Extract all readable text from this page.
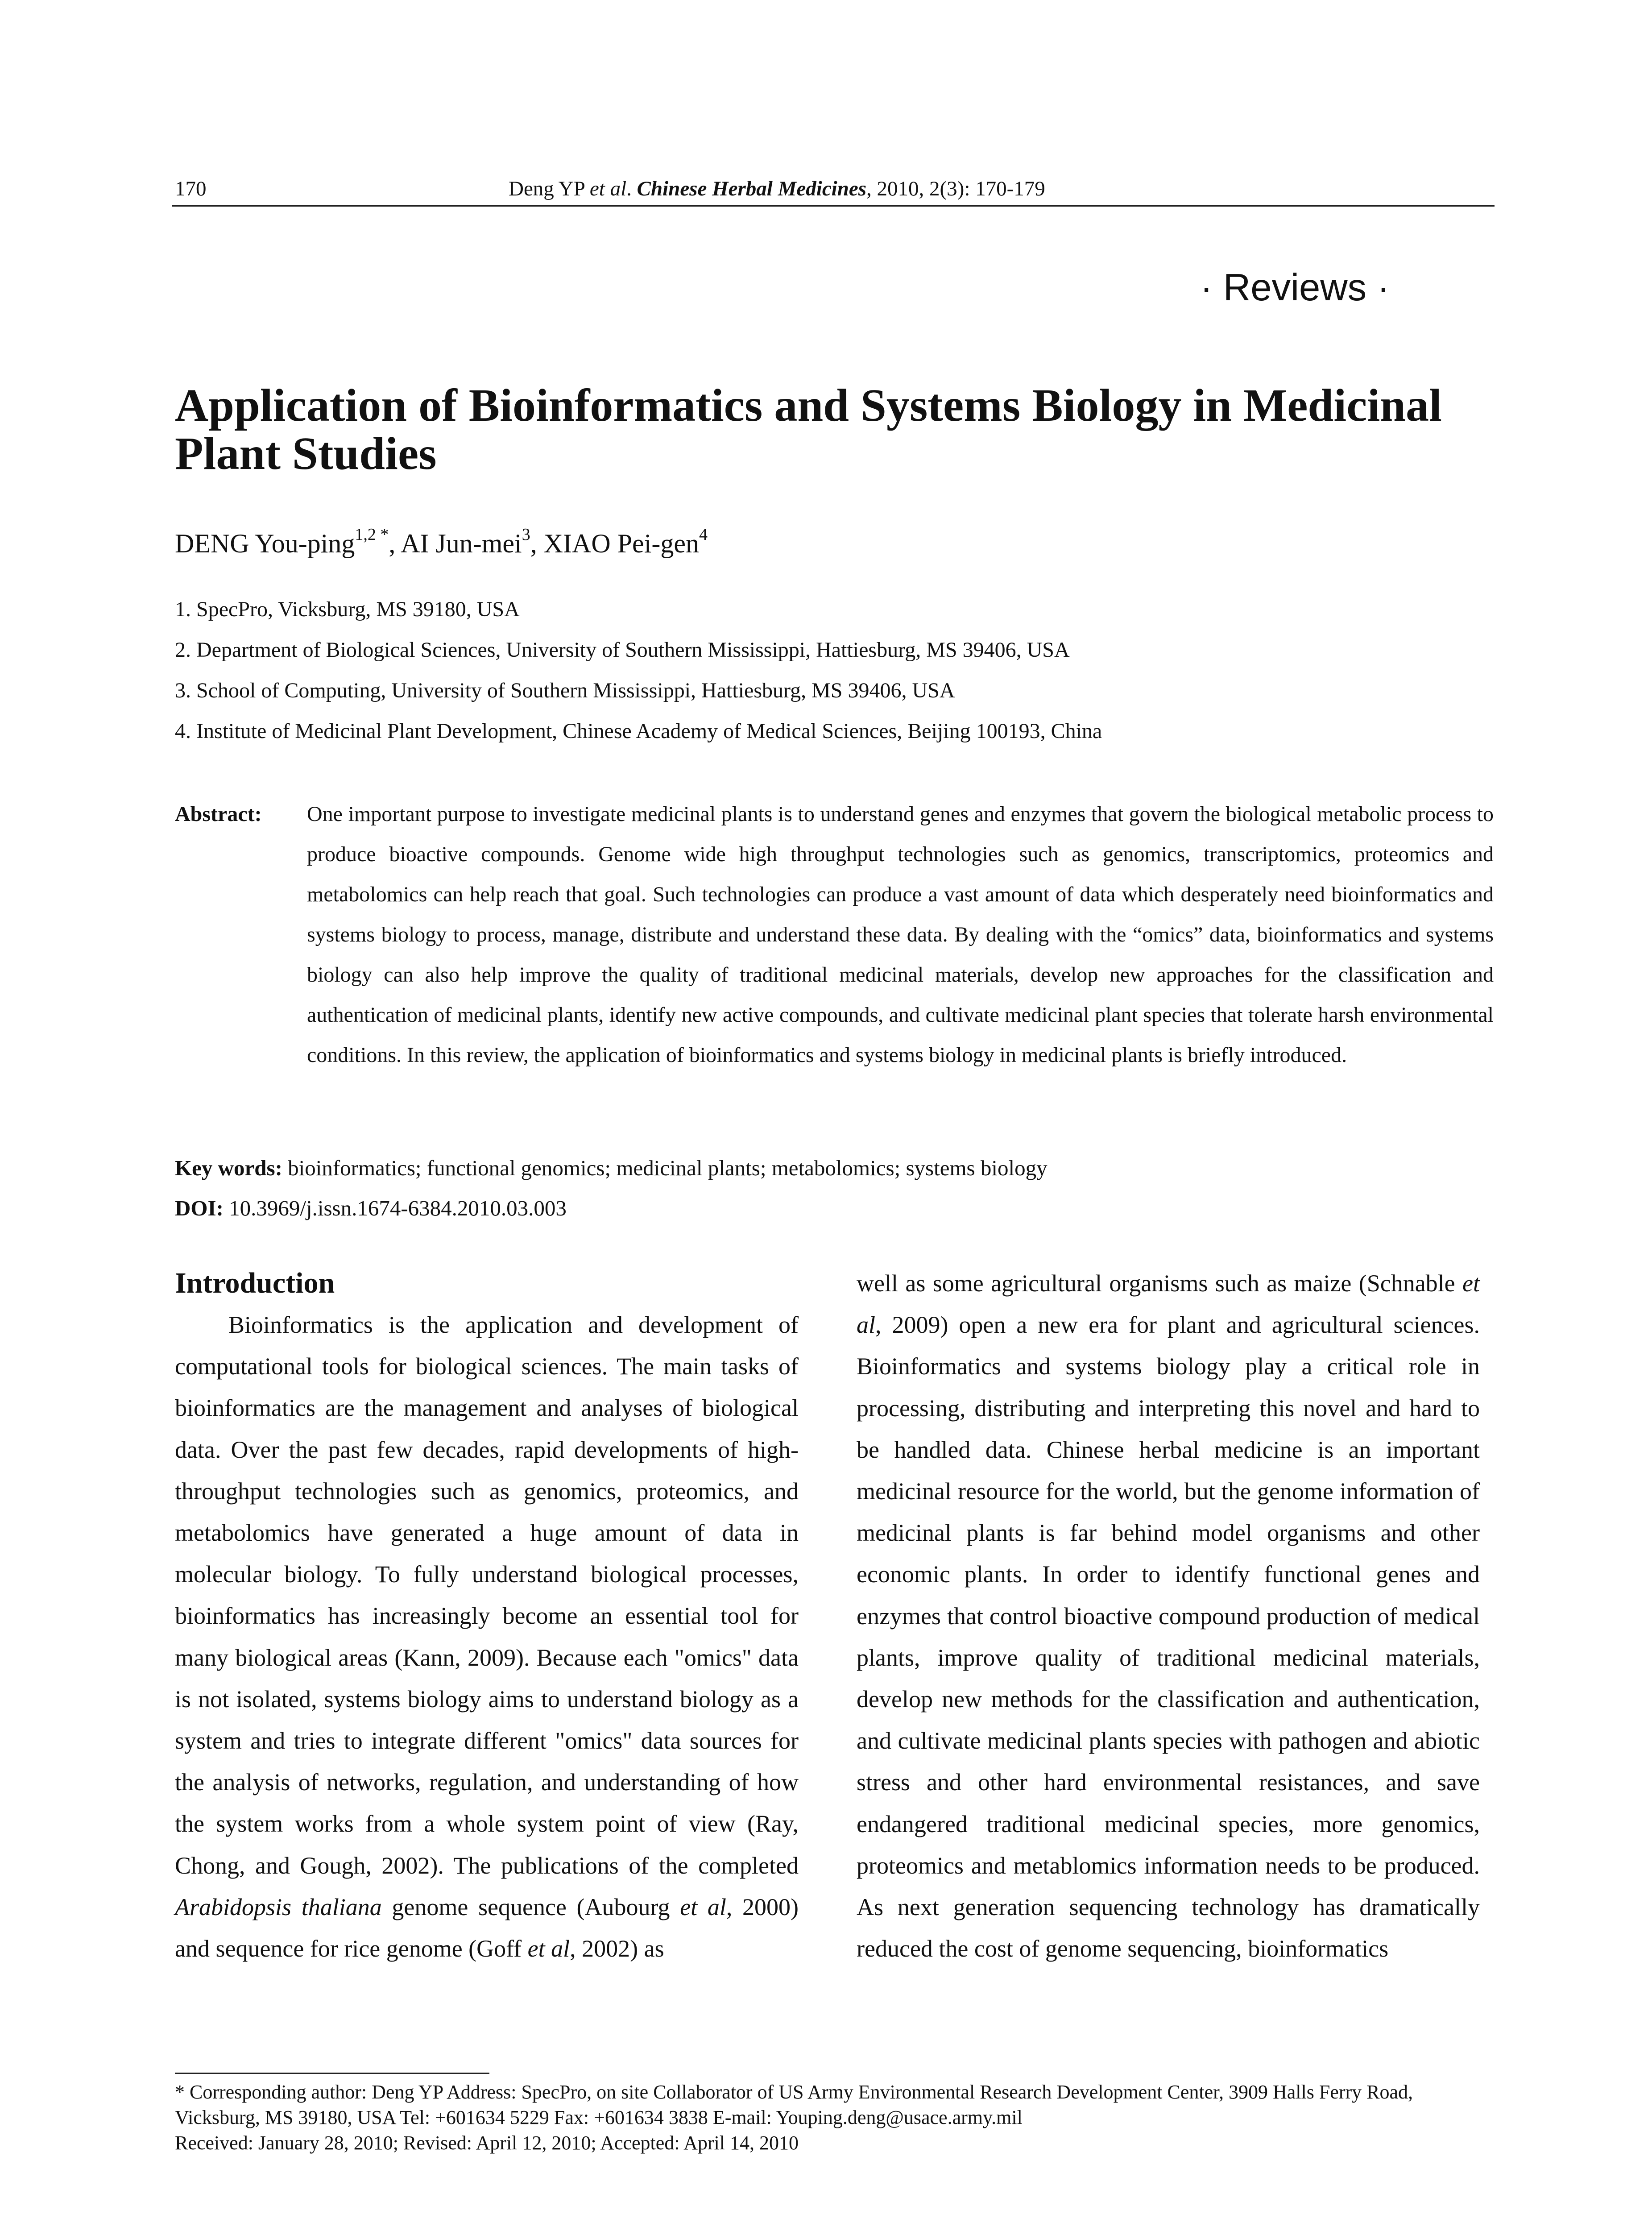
170	Deng YP et al. Chinese Herbal Medicines, 2010, 2(3): 170-179
· Reviews ·
Application of Bioinformatics and Systems Biology in Medicinal Plant Studies
DENG You-ping$^{1,2 *}$, AI Jun-mei$^3$, XIAO Pei-gen$^4$
1. SpecPro, Vicksburg, MS 39180, USA
2. Department of Biological Sciences, University of Southern Mississippi, Hattiesburg, MS 39406, USA
3. School of Computing, University of Southern Mississippi, Hattiesburg, MS 39406, USA
4. Institute of Medicinal Plant Development, Chinese Academy of Medical Sciences, Beijing 100193, China
Abstract: One important purpose to investigate medicinal plants is to understand genes and enzymes that govern the biological metabolic process to produce bioactive compounds. Genome wide high throughput technologies such as genomics, transcriptomics, proteomics and metabolomics can help reach that goal. Such technologies can produce a vast amount of data which desperately need bioinformatics and systems biology to process, manage, distribute and understand these data. By dealing with the “omics” data, bioinformatics and systems biology can also help improve the quality of traditional medicinal materials, develop new approaches for the classification and authentication of medicinal plants, identify new active compounds, and cultivate medicinal plant species that tolerate harsh environmental conditions. In this review, the application of bioinformatics and systems biology in medicinal plants is briefly introduced.
Key words: bioinformatics; functional genomics; medicinal plants; metabolomics; systems biology
DOI: 10.3969/j.issn.1674-6384.2010.03.003
Introduction
Bioinformatics is the application and development of computational tools for biological sciences. The main tasks of bioinformatics are the management and analyses of biological data. Over the past few decades, rapid developments of high-throughput technologies such as genomics, proteomics, and metabolomics have generated a huge amount of data in molecular biology. To fully understand biological processes, bioinformatics has increasingly become an essential tool for many biological areas (Kann, 2009). Because each "omics" data is not isolated, systems biology aims to understand biology as a system and tries to integrate different "omics" data sources for the analysis of networks, regulation, and understanding of how the system works from a whole system point of view (Ray, Chong, and Gough, 2002). The publications of the completed Arabidopsis thaliana genome sequence (Aubourg et al, 2000) and sequence for rice genome (Goff et al, 2002) as
well as some agricultural organisms such as maize (Schnable et al, 2009) open a new era for plant and agricultural sciences. Bioinformatics and systems biology play a critical role in processing, distributing and interpreting this novel and hard to be handled data. Chinese herbal medicine is an important medicinal resource for the world, but the genome information of medicinal plants is far behind model organisms and other economic plants. In order to identify functional genes and enzymes that control bioactive compound production of medical plants, improve quality of traditional medicinal materials, develop new methods for the classification and authentication, and cultivate medicinal plants species with pathogen and abiotic stress and other hard environmental resistances, and save endangered traditional medicinal species, more genomics, proteomics and metablomics information needs to be produced. As next generation sequencing technology has dramatically reduced the cost of genome sequencing, bioinformatics
* Corresponding author: Deng YP Address: SpecPro, on site Collaborator of US Army Environmental Research Development Center, 3909 Halls Ferry Road, Vicksburg, MS 39180, USA Tel: +601634 5229 Fax: +601634 3838 E-mail: Youping.deng@usace.army.mil
Received: January 28, 2010; Revised: April 12, 2010; Accepted: April 14, 2010
